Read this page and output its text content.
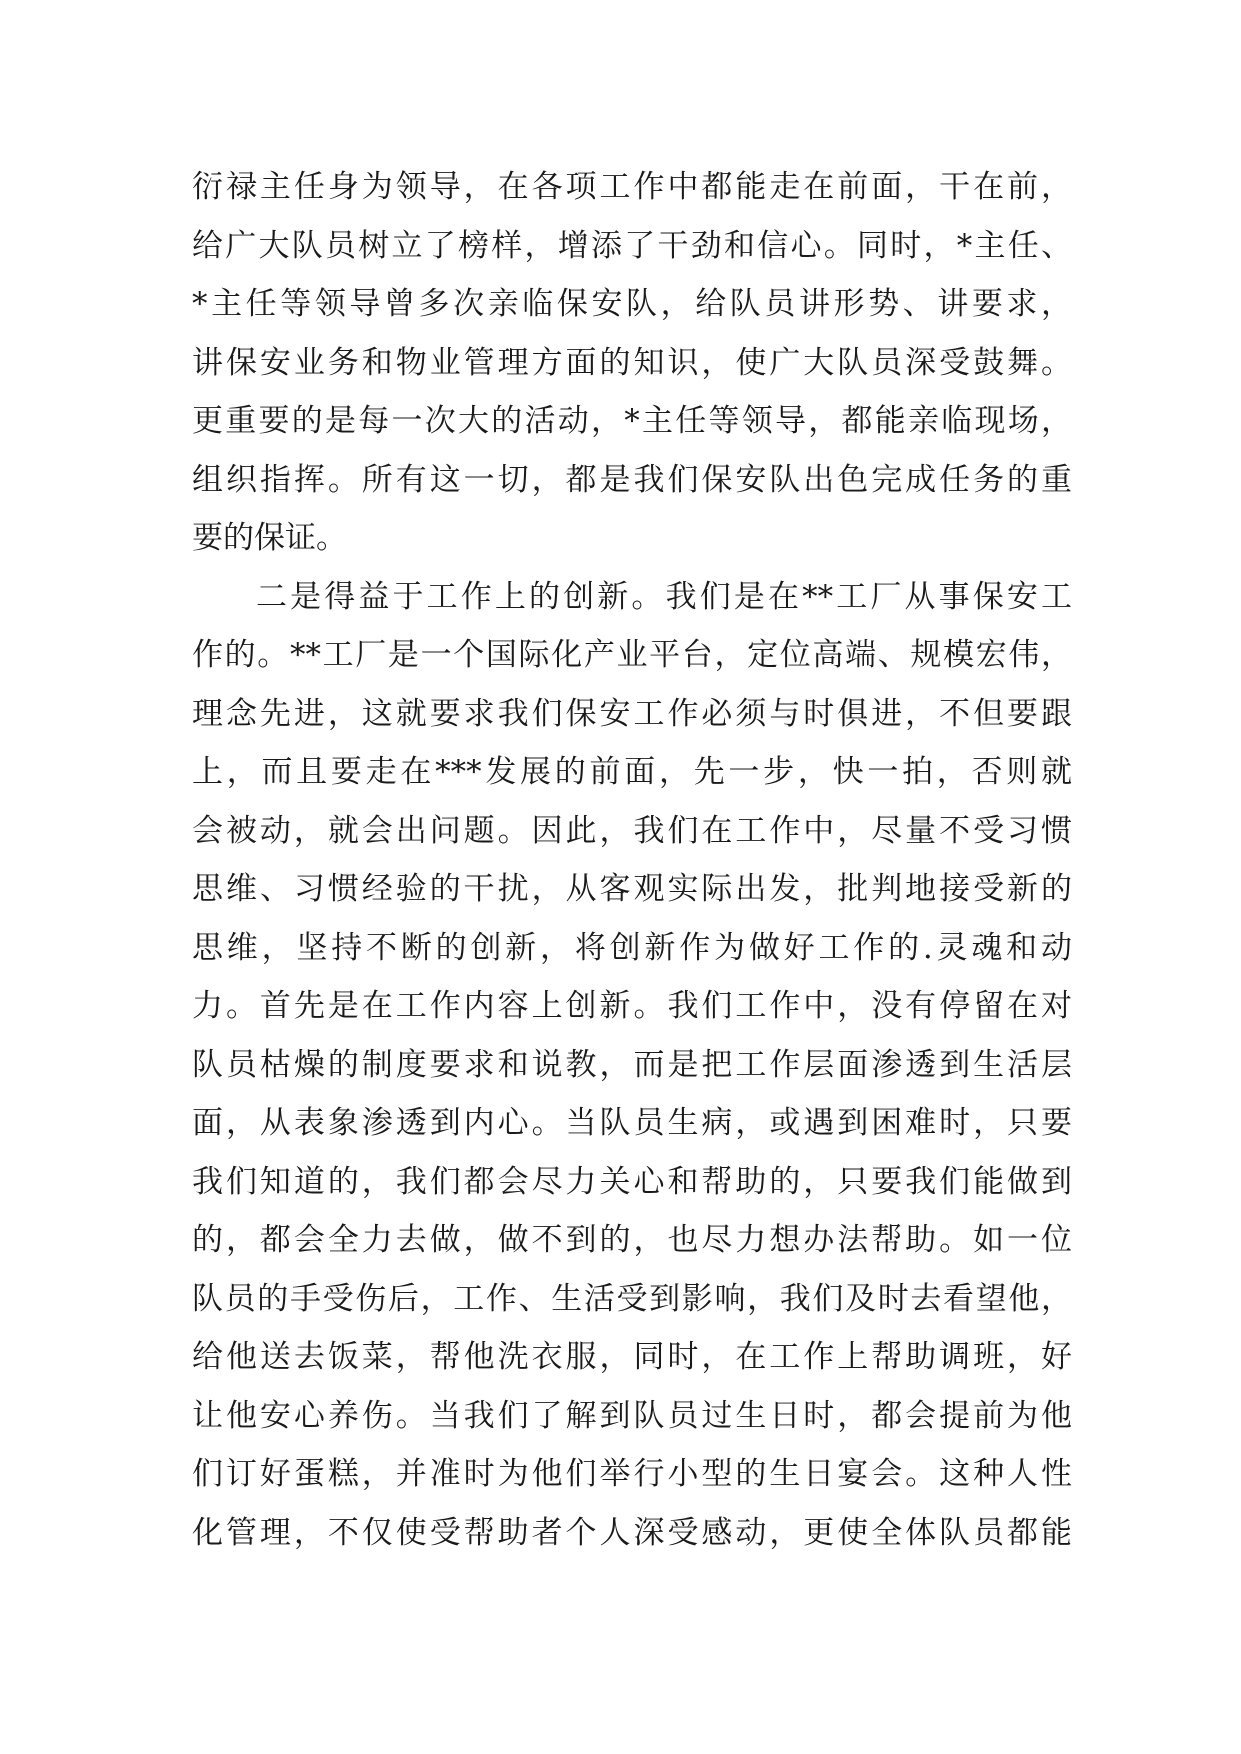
衍禄主任身为领导，在各项工作中都能走在前面，干在前，
给广大队员树立了榜样，增添了干劲和信心。同时，*主任、
*主任等领导曾多次亲临保安队，给队员讲形势、讲要求，
讲保安业务和物业管理方面的知识，使广大队员深受鼓舞。
更重要的是每一次大的活动，*主任等领导，都能亲临现场，
组织指挥。所有这一切，都是我们保安队出色完成任务的重
要的保证。
二是得益于工作上的创新。我们是在**工厂从事保安工
作的。**工厂是一个国际化产业平台，定位高端、规模宏伟，
理念先进，这就要求我们保安工作必须与时俱进，不但要跟
上，而且要走在***发展的前面，先一步，快一拍，否则就
会被动，就会出问题。因此，我们在工作中，尽量不受习惯
思维、习惯经验的干扰，从客观实际出发，批判地接受新的
思维，坚持不断的创新，将创新作为做好工作的.灵魂和动
力。首先是在工作内容上创新。我们工作中，没有停留在对
队员枯燥的制度要求和说教，而是把工作层面渗透到生活层
面，从表象渗透到内心。当队员生病，或遇到困难时，只要
我们知道的，我们都会尽力关心和帮助的，只要我们能做到
的，都会全力去做，做不到的，也尽力想办法帮助。如一位
队员的手受伤后，工作、生活受到影响，我们及时去看望他，
给他送去饭菜，帮他洗衣服，同时，在工作上帮助调班，好
让他安心养伤。当我们了解到队员过生日时，都会提前为他
们订好蛋糕，并准时为他们举行小型的生日宴会。这种人性
化管理，不仅使受帮助者个人深受感动，更使全体队员都能
